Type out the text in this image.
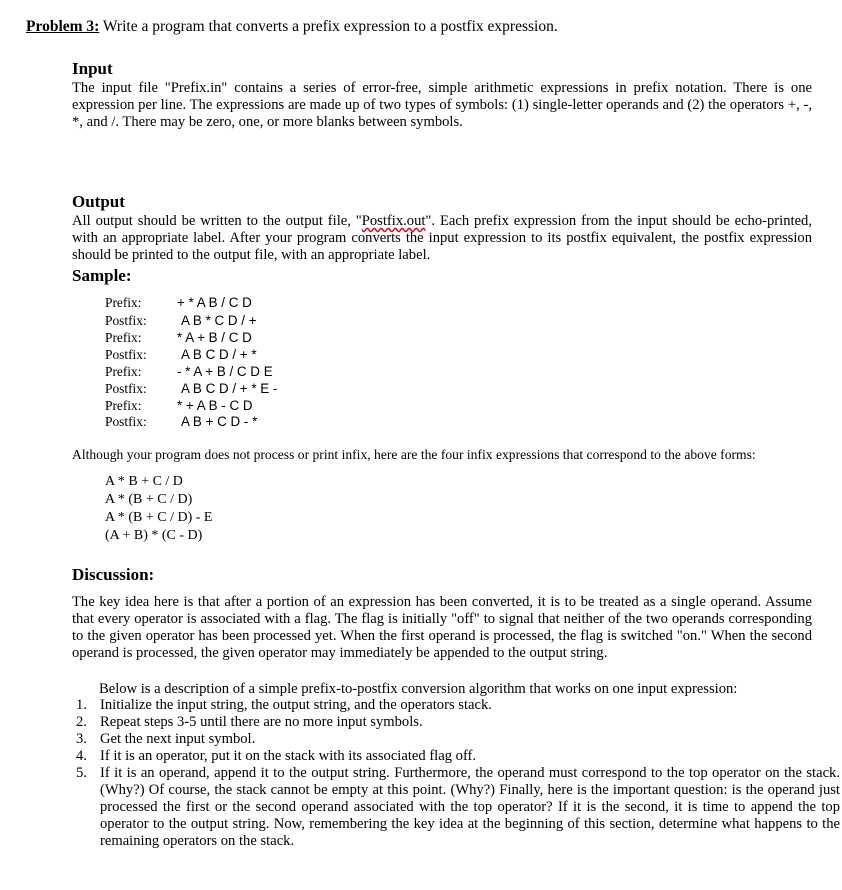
Problem 3: Write a program that converts a prefix expression to a postfix expression.
Input
The input file "Prefix.in" contains a series of error-free, simple arithmetic expressions in prefix notation. There is one expression per line. The expressions are made up of two types of symbols: (1) single-letter operands and (2) the operators +, -, *, and /. There may be zero, one, or more blanks between symbols.
Output
All output should be written to the output file, "Postfix.out". Each prefix expression from the input should be echo-printed, with an appropriate label. After your program converts the input expression to its postfix equivalent, the postfix expression should be printed to the output file, with an appropriate label.
Sample:
Prefix:	+ * A B / C D
Postfix:	A B * C D / +
Prefix:	* A + B / C D
Postfix:	A B C D / + *
Prefix:	- * A + B / C D E
Postfix:	A B C D / + * E -
Prefix:	* + A B - C D
Postfix:	A B + C D - *
Although your program does not process or print infix, here are the four infix expressions that correspond to the above forms:
A * B + C / D
A * (B + C / D)
A * (B + C / D) - E
(A + B) * (C - D)
Discussion:
The key idea here is that after a portion of an expression has been converted, it is to be treated as a single operand. Assume that every operator is associated with a flag. The flag is initially "off" to signal that neither of the two operands corresponding to the given operator has been processed yet. When the first operand is processed, the flag is switched "on." When the second operand is processed, the given operator may immediately be appended to the output string.
Below is a description of a simple prefix-to-postfix conversion algorithm that works on one input expression:
1. Initialize the input string, the output string, and the operators stack.
2. Repeat steps 3-5 until there are no more input symbols.
3. Get the next input symbol.
4. If it is an operator, put it on the stack with its associated flag off.
5. If it is an operand, append it to the output string. Furthermore, the operand must correspond to the top operator on the stack. (Why?) Of course, the stack cannot be empty at this point. (Why?) Finally, here is the important question: is the operand just processed the first or the second operand associated with the top operator? If it is the second, it is time to append the top operator to the output string. Now, remembering the key idea at the beginning of this section, determine what happens to the remaining operators on the stack.
